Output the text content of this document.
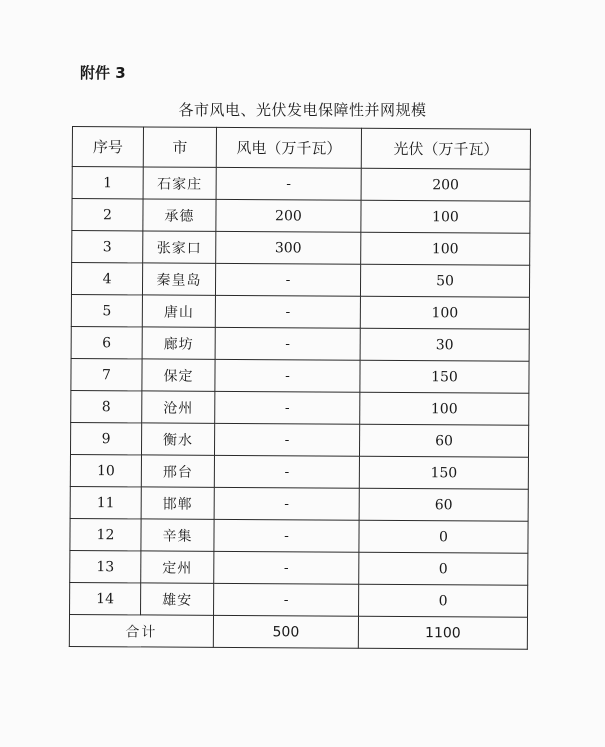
附件 3
各市风电、光伏发电保障性并网规模
序号	市	风电（万千瓦）	光伏（万千瓦）
1	石家庄	-	200
2	承德	200	100
3	张家口	300	100
4	秦皇岛	-	50
5	唐山	-	100
6	廊坊	-	30
7	保定	-	150
8	沧州	-	100
9	衡水	-	60
10	邢台	-	150
11	邯郸	-	60
12	辛集	-	0
13	定州	-	0
14	雄安	-	0
合计		500	1100
